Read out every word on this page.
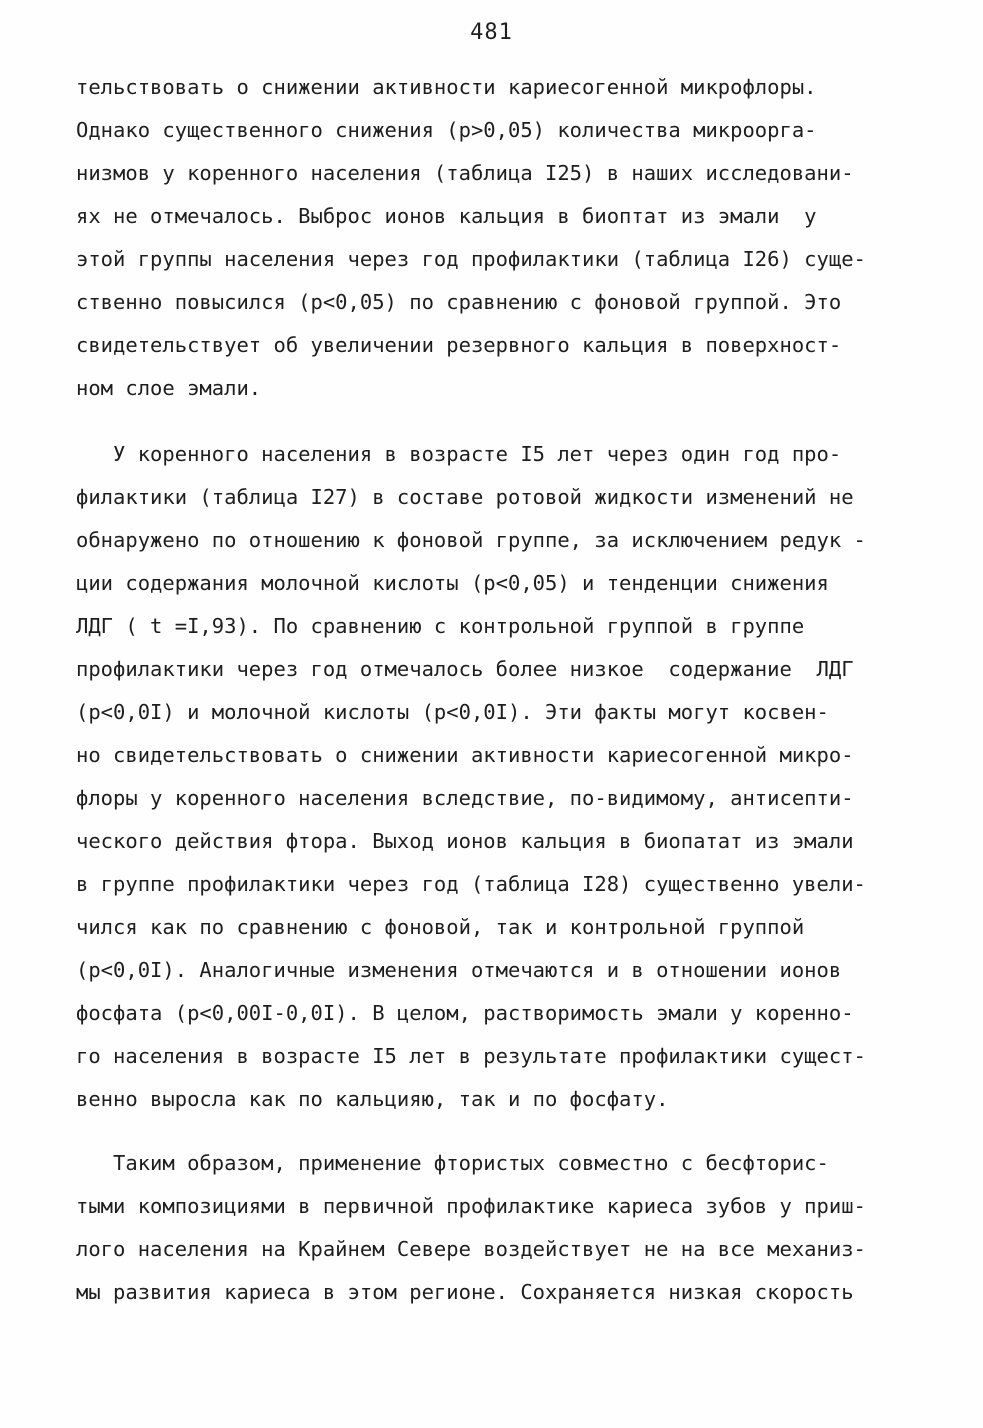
481
тельствовать о снижении активности кариесогенной микрофлоры.
Однако существенного снижения (р>0,05) количества микроорга-
низмов у коренного населения (таблица I25) в наших исследовани-
ях не отмечалось. Выброс ионов кальция в биоптат из эмали  у
этой группы населения через год профилактики (таблица I26) суще-
ственно повысился (р<0,05) по сравнению с фоновой группой. Это
свидетельствует об увеличении резервного кальция в поверхност-
ном слое эмали.
У коренного населения в возрасте I5 лет через один год про-
филактики (таблица I27) в составе ротовой жидкости изменений не
обнаружено по отношению к фоновой группе, за исключением редук -
ции содержания молочной кислоты (р<0,05) и тенденции снижения
ЛДГ ( t =I,93). По сравнению с контрольной группой в группе
профилактики через год отмечалось более низкое  содержание  ЛДГ
(р<0,0I) и молочной кислоты (р<0,0I). Эти факты могут косвен-
но свидетельствовать о снижении активности кариесогенной микро-
флоры у коренного населения вследствие, по-видимому, антисепти-
ческого действия фтора. Выход ионов кальция в биопатат из эмали
в группе профилактики через год (таблица I28) существенно увели-
чился как по сравнению с фоновой, так и контрольной группой
(р<0,0I). Аналогичные изменения отмечаются и в отношении ионов
фосфата (р<0,00I-0,0I). В целом, растворимость эмали у коренно-
го населения в возрасте I5 лет в результате профилактики сущест-
венно выросла как по кальцияю, так и по фосфату.
Таким образом, применение фтористых совместно с бесфторис-
тыми композициями в первичной профилактике кариеса зубов у приш-
лого населения на Крайнем Севере воздействует не на все механиз-
мы развития кариеса в этом регионе. Сохраняется низкая скорость
